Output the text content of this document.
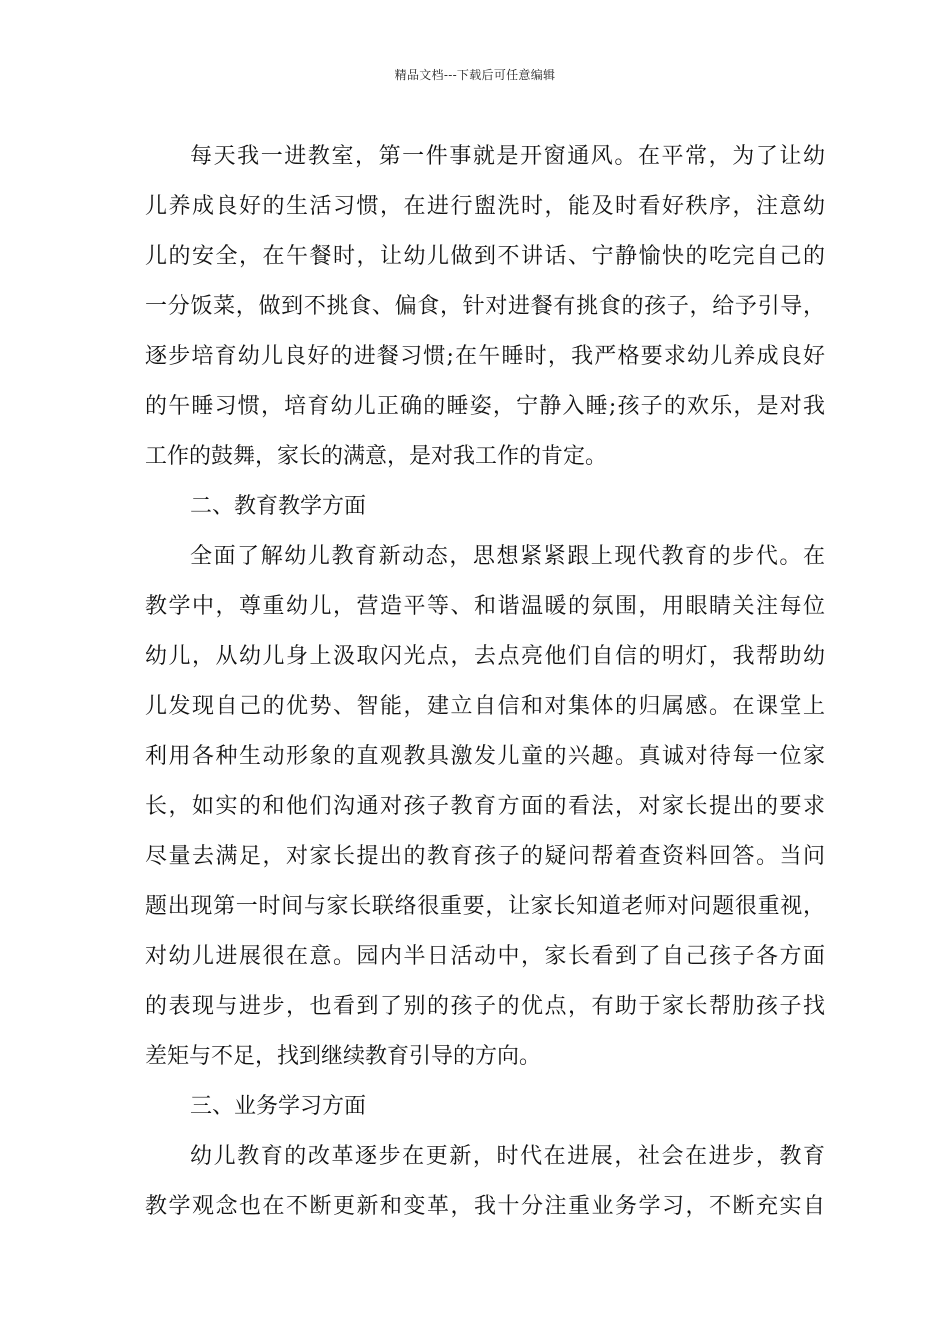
精品文档---下载后可任意编辑
每天我一进教室，第一件事就是开窗通风。在平常，为了让幼
儿养成良好的生活习惯，在进行盥洗时，能及时看好秩序，注意幼
儿的安全，在午餐时，让幼儿做到不讲话、宁静愉快的吃完自己的
一分饭菜，做到不挑食、偏食，针对进餐有挑食的孩子，给予引导，
逐步培育幼儿良好的进餐习惯;在午睡时，我严格要求幼儿养成良好
的午睡习惯，培育幼儿正确的睡姿，宁静入睡;孩子的欢乐，是对我
工作的鼓舞，家长的满意，是对我工作的肯定。
二、教育教学方面
全面了解幼儿教育新动态，思想紧紧跟上现代教育的步代。在
教学中，尊重幼儿，营造平等、和谐温暖的氛围，用眼睛关注每位
幼儿，从幼儿身上汲取闪光点，去点亮他们自信的明灯，我帮助幼
儿发现自己的优势、智能，建立自信和对集体的归属感。在课堂上
利用各种生动形象的直观教具激发儿童的兴趣。真诚对待每一位家
长，如实的和他们沟通对孩子教育方面的看法，对家长提出的要求
尽量去满足，对家长提出的教育孩子的疑问帮着查资料回答。当问
题出现第一时间与家长联络很重要，让家长知道老师对问题很重视，
对幼儿进展很在意。园内半日活动中，家长看到了自己孩子各方面
的表现与进步，也看到了别的孩子的优点，有助于家长帮肋孩子找
差矩与不足，找到继续教育引导的方向。
三、业务学习方面
幼儿教育的改革逐步在更新，时代在进展，社会在进步，教育
教学观念也在不断更新和变革，我十分注重业务学习，不断充实自
